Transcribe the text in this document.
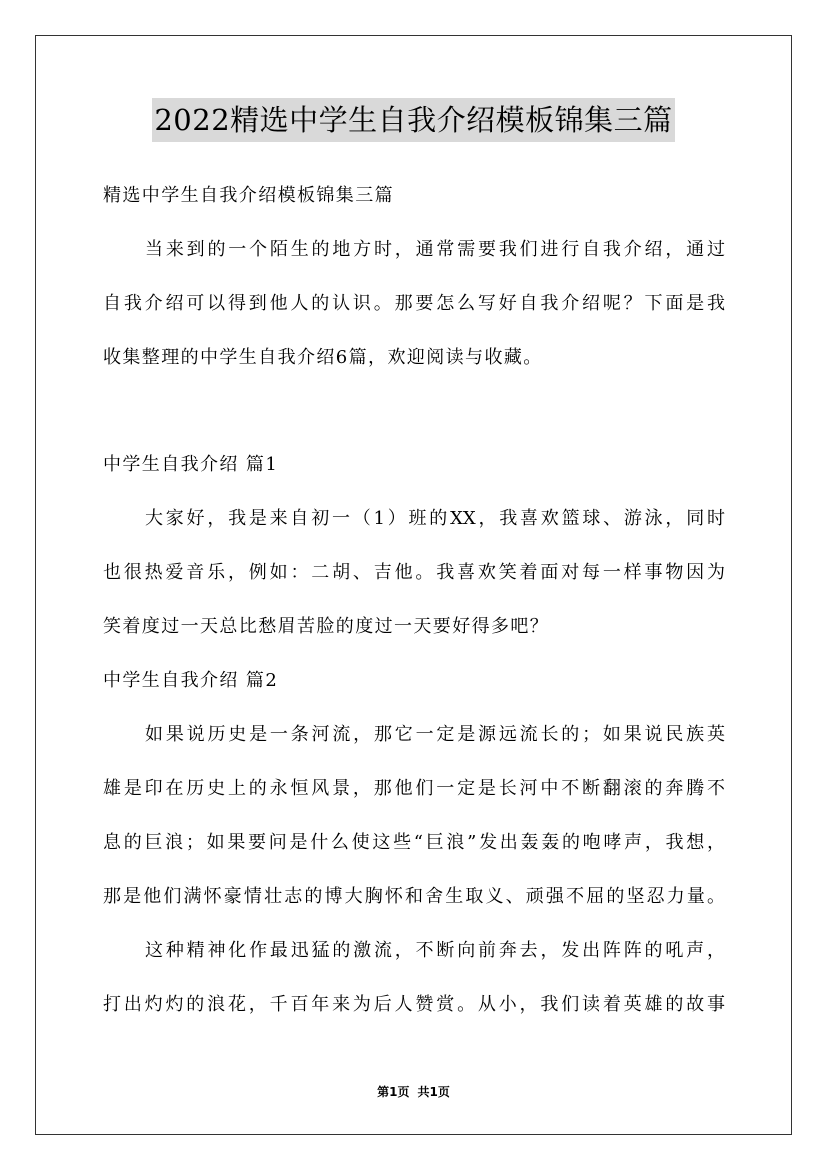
2022精选中学生自我介绍模板锦集三篇
精选中学生自我介绍模板锦集三篇
当来到的一个陌生的地方时，通常需要我们进行自我介绍，通过
自我介绍可以得到他人的认识。那要怎么写好自我介绍呢？下面是我
收集整理的中学生自我介绍6篇，欢迎阅读与收藏。
中学生自我介绍 篇1
大家好，我是来自初一（1）班的XX，我喜欢篮球、游泳，同时
也很热爱音乐，例如：二胡、吉他。我喜欢笑着面对每一样事物因为
笑着度过一天总比愁眉苦脸的度过一天要好得多吧？
中学生自我介绍 篇2
如果说历史是一条河流，那它一定是源远流长的；如果说民族英
雄是印在历史上的永恒风景，那他们一定是长河中不断翻滚的奔腾不
息的巨浪；如果要问是什么使这些“巨浪”发出轰轰的咆哮声，我想，
那是他们满怀豪情壮志的博大胸怀和舍生取义、顽强不屈的坚忍力量。
这种精神化作最迅猛的激流，不断向前奔去，发出阵阵的吼声，
打出灼灼的浪花，千百年来为后人赞赏。从小，我们读着英雄的故事
第1页 共1页
